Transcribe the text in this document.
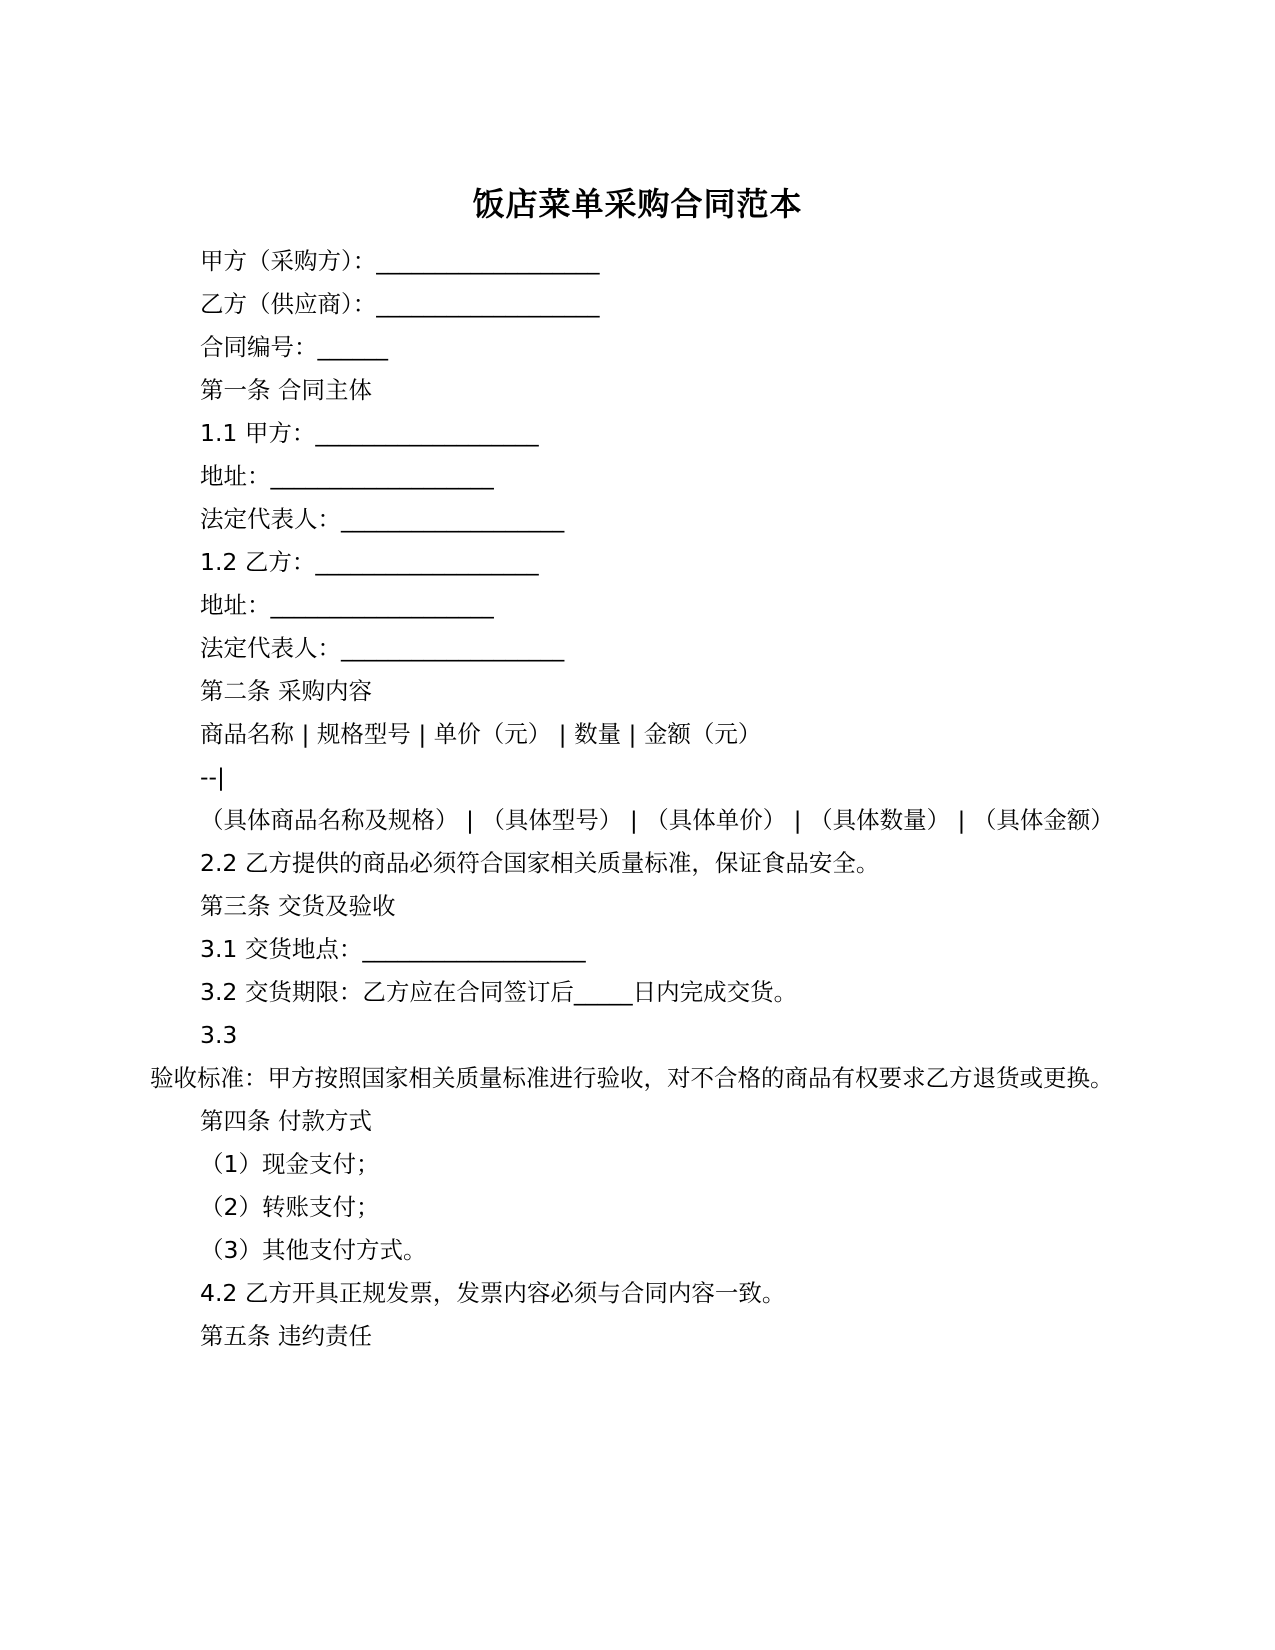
饭店菜单采购合同范本
甲方（采购方）：___________________
乙方（供应商）：___________________
合同编号：______
第一条 合同主体
1.1 甲方：___________________
地址：___________________
法定代表人：___________________
1.2 乙方：___________________
地址：___________________
法定代表人：___________________
第二条 采购内容
商品名称 | 规格型号 | 单价（元） | 数量 | 金额（元）
--|
（具体商品名称及规格） | （具体型号） | （具体单价） | （具体数量） | （具体金额）
2.2 乙方提供的商品必须符合国家相关质量标准，保证食品安全。
第三条 交货及验收
3.1 交货地点：___________________
3.2 交货期限：乙方应在合同签订后_____日内完成交货。
3.3
验收标准：甲方按照国家相关质量标准进行验收，对不合格的商品有权要求乙方退货或更换。
第四条 付款方式
（1）现金支付；
（2）转账支付；
（3）其他支付方式。
4.2 乙方开具正规发票，发票内容必须与合同内容一致。
第五条 违约责任
